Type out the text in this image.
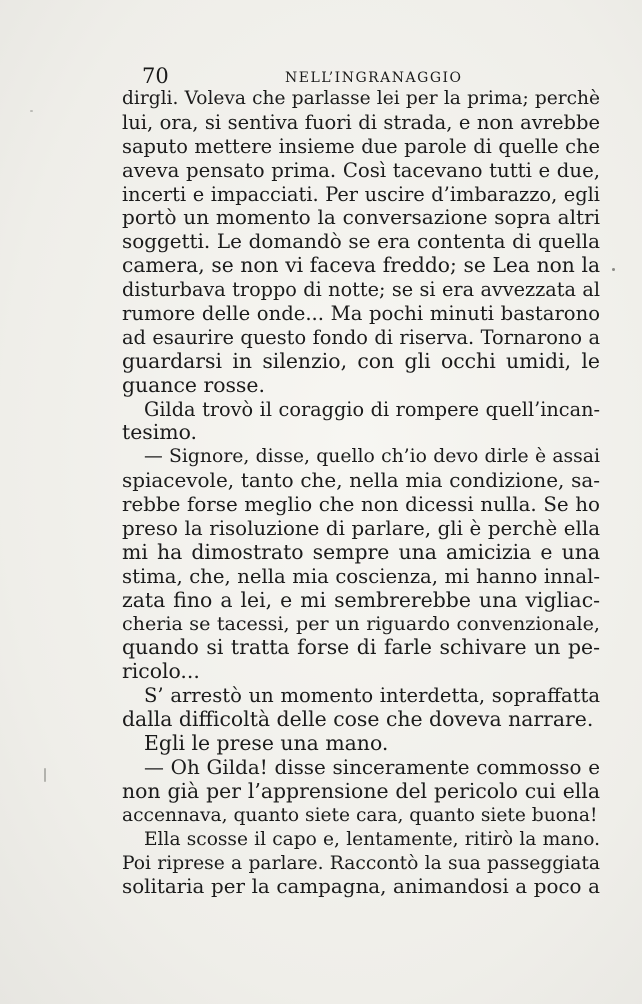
70	NELL’INGRANAGGIO
dirgli. Voleva che parlasse lei per la prima; perchè
lui, ora, si sentiva fuori di strada, e non avrebbe
saputo mettere insieme due parole di quelle che
aveva pensato prima. Così tacevano tutti e due,
incerti e impacciati. Per uscire d’imbarazzo, egli
portò un momento la conversazione sopra altri
soggetti. Le domandò se era contenta di quella
camera, se non vi faceva freddo; se Lea non la
disturbava troppo di notte; se si era avvezzata al
rumore delle onde... Ma pochi minuti bastarono
ad esaurire questo fondo di riserva. Tornarono a
guardarsi in silenzio, con gli occhi umidi, le
guance rosse.
Gilda trovò il coraggio di rompere quell’incan-
tesimo.
— Signore, disse, quello ch’io devo dirle è assai
spiacevole, tanto che, nella mia condizione, sa-
rebbe forse meglio che non dicessi nulla. Se ho
preso la risoluzione di parlare, gli è perchè ella
mi ha dimostrato sempre una amicizia e una
stima, che, nella mia coscienza, mi hanno innal-
zata fino a lei, e mi sembrerebbe una vigliac-
cheria se tacessi, per un riguardo convenzionale,
quando si tratta forse di farle schivare un pe-
ricolo...
S’ arrestò un momento interdetta, sopraffatta
dalla difficoltà delle cose che doveva narrare.
Egli le prese una mano.
— Oh Gilda! disse sinceramente commosso e
non già per l’apprensione del pericolo cui ella
accennava, quanto siete cara, quanto siete buona!
Ella scosse il capo e, lentamente, ritirò la mano.
Poi riprese a parlare. Raccontò la sua passeggiata
solitaria per la campagna, animandosi a poco a
